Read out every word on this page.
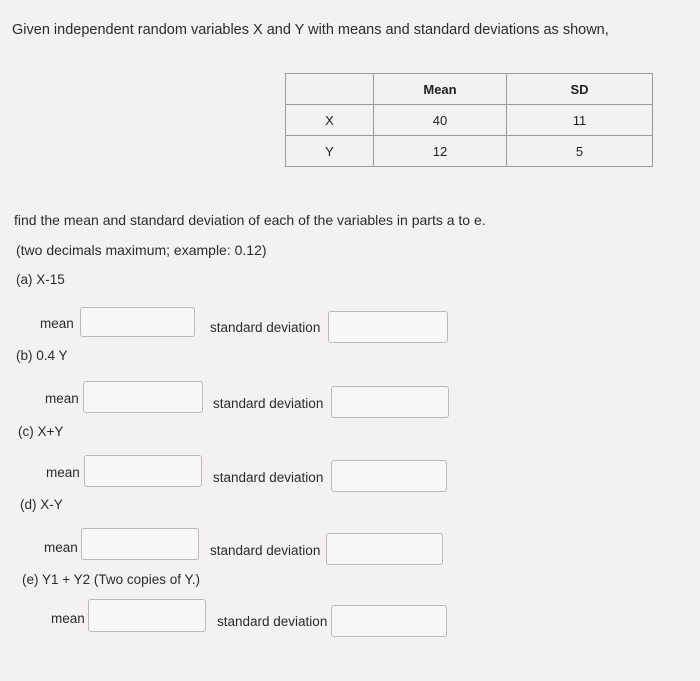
Given independent random variables X and Y with means and standard deviations as shown,
	Mean	SD
X	40	11
Y	12	5
find the mean and standard deviation of each of the variables in parts a to e.
(two decimals maximum; example: 0.12)
(a) X-15
mean	standard deviation
(b) 0.4 Y
mean	standard deviation
(c) X+Y
mean	standard deviation
(d) X-Y
mean	standard deviation
(e) Y1 + Y2 (Two copies of Y.)
mean	standard deviation
